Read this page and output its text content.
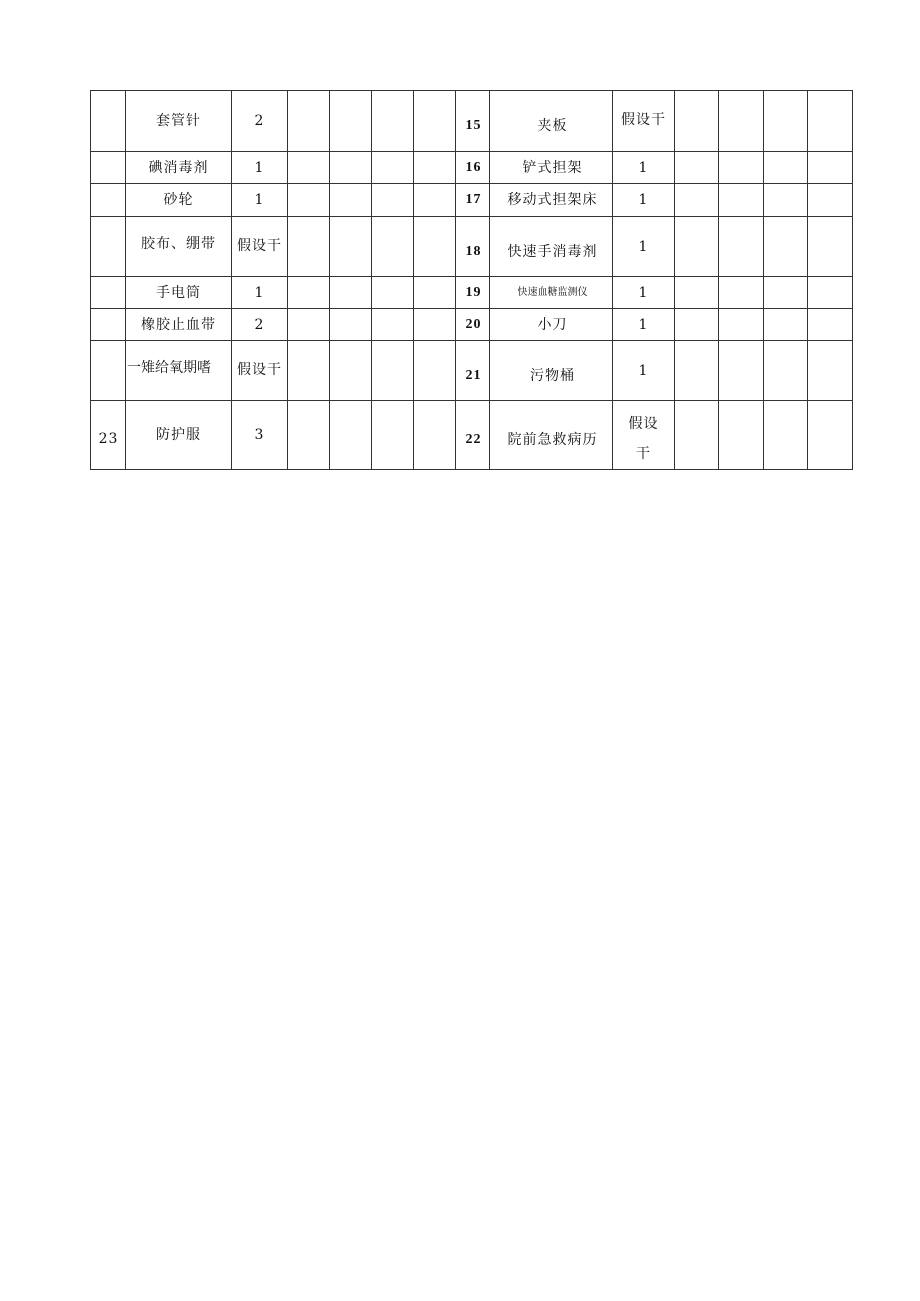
	套管针	2					15	夹板	假设干				
	碘消毒剂	1					16	铲式担架	1				
	砂轮	1					17	移动式担架床	1				
	胶布、绷带	假设干					18	快速手消毒剂	1				
	手电筒	1					19	快速血糖监测仪	1				
	橡胶止血带	2					20	小刀	1				
	一雉给氧期嗜	假设干					21	污物桶	1				
23	防护服	3					22	院前急救病历	假设
干				
